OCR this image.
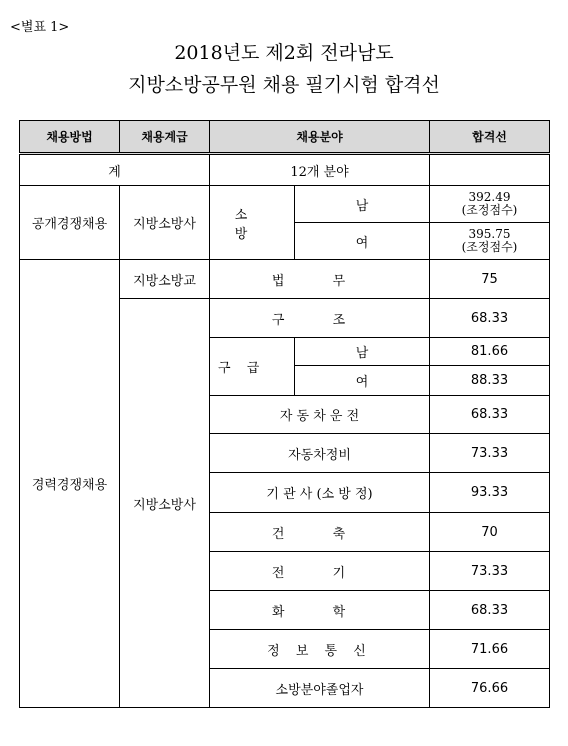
<별표 1>
2018년도 제2회 전라남도
지방소방공무원 채용 필기시험 합격선
채용방법	채용계급	채용분야		합격선
계		12개 분야		
공개경쟁채용	지방소방사	소 방	남	392.49
(조정점수)

			여	395.75
(조정점수)

경력경쟁채용	지방소방교	법 무		75
	지방소방사	구 조		68.33
		구 급	남	81.66
			여	88.33
		자 동 차 운 전		68.33
		자동차정비		73.33
		기 관 사 (소 방 정)		93.33
		건 축		70
		전 기		73.33
		화 학		68.33
		정 보 통 신		71.66
		소방분야졸업자		76.66
